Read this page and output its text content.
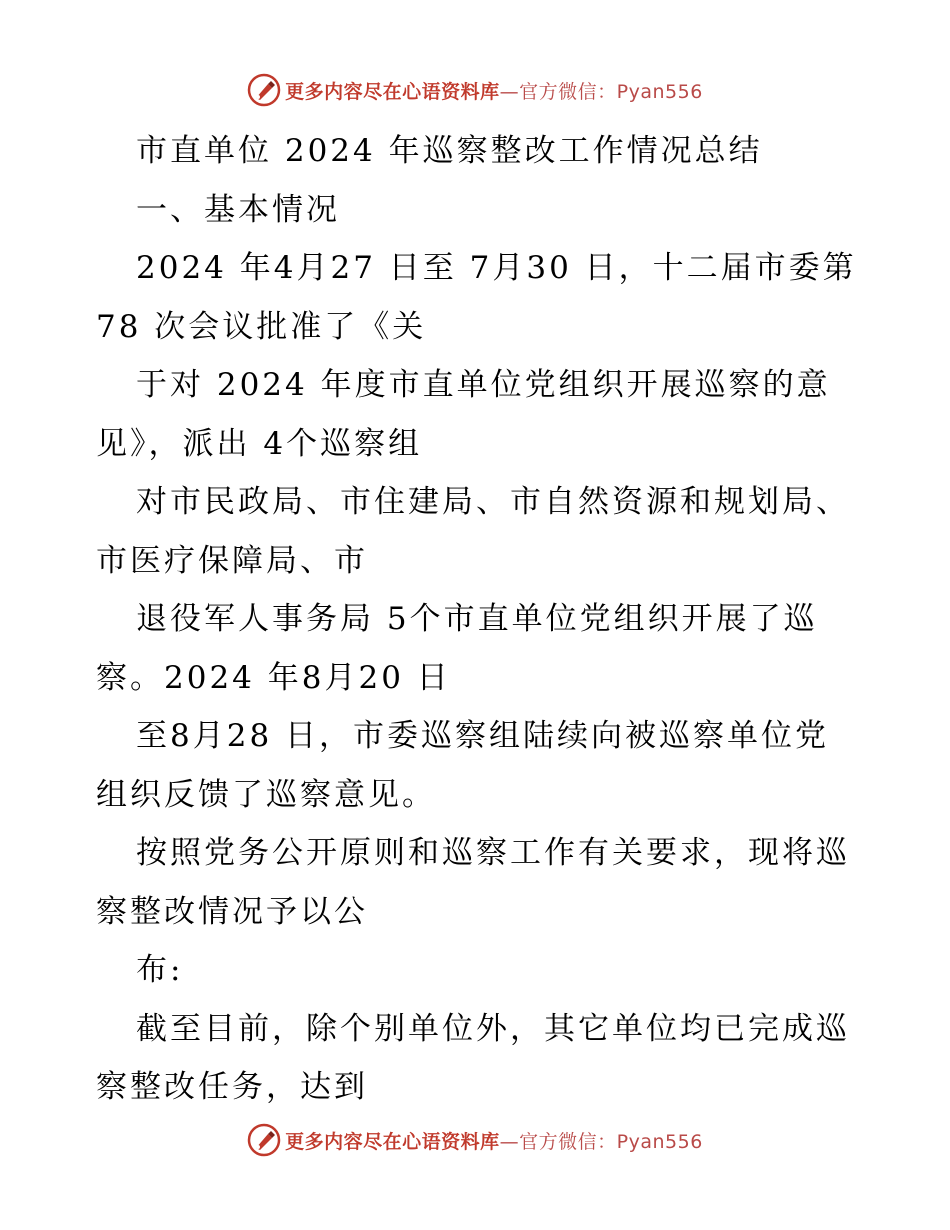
更多内容尽在心语资料库—官方微信：Pyan556
市直单位 2024 年巡察整改工作情况总结
一、基本情况
2024 年4月27 日至 7月30 日，十二届市委第
78 次会议批准了《关
于对 2024 年度市直单位党组织开展巡察的意
见》，派出 4个巡察组
对市民政局、市住建局、市自然资源和规划局、
市医疗保障局、市
退役军人事务局 5个市直单位党组织开展了巡
察。2024 年8月20 日
至8月28 日，市委巡察组陆续向被巡察单位党
组织反馈了巡察意见。
按照党务公开原则和巡察工作有关要求，现将巡
察整改情况予以公
布:
截至目前，除个别单位外，其它单位均已完成巡
察整改任务，达到
更多内容尽在心语资料库—官方微信：Pyan556
